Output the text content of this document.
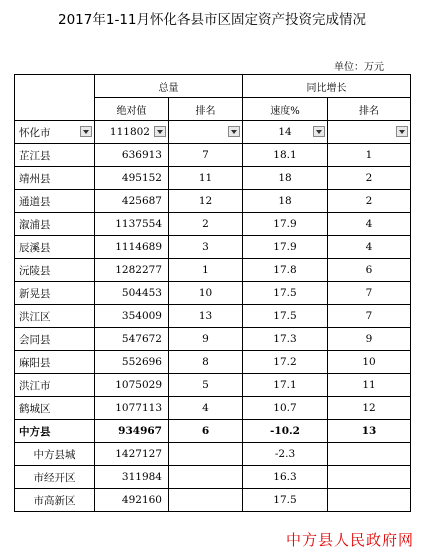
2017年1-11月怀化各县市区固定资产投资完成情况
单位：万元
	总量		同比增长	
	绝对值	排名	速度%	排名
怀化市	111802		14

芷江县	636913	7	18.1	1
靖州县	495152	11	18	2
通道县	425687	12	18	2
溆浦县	1137554	2	17.9	4
辰溪县	1114689	3	17.9	4
沅陵县	1282277	1	17.8	6
新晃县	504453	10	17.5	7
洪江区	354009	13	17.5	7
会同县	547672	9	17.3	9
麻阳县	552696	8	17.2	10
洪江市	1075029	5	17.1	11
鹤城区	1077113	4	10.7	12
中方县	934967	6	-10.2	13
中方县城	1427127		-2.3	
市经开区	311984		16.3	
市高新区	492160		17.5	
中方县人民政府网
